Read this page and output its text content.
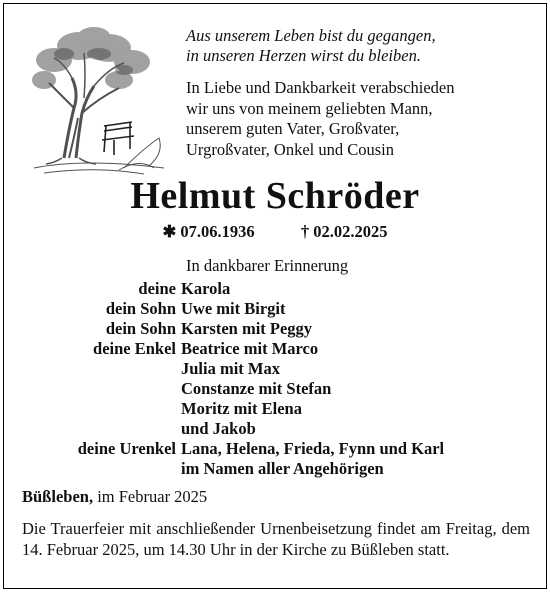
Aus unserem Leben bist du gegangen,
in unseren Herzen wirst du bleiben.
In Liebe und Dankbarkeit verabschieden
wir uns von meinem geliebten Mann,
unserem guten Vater, Großvater,
Urgroßvater, Onkel und Cousin
Helmut Schröder
✱ 07.06.1936	† 02.02.2025
In dankbarer Erinnerung
deine Karola
dein Sohn Uwe mit Birgit
dein Sohn Karsten mit Peggy
deine Enkel Beatrice mit Marco
Julia mit Max
Constanze mit Stefan
Moritz mit Elena
und Jakob
deine Urenkel Lana, Helena, Frieda, Fynn und Karl
im Namen aller Angehörigen
Büßleben, im Februar 2025
Die Trauerfeier mit anschließender Urnenbeisetzung findet am Freitag, dem 14. Februar 2025, um 14.30 Uhr in der Kirche zu Büßleben statt.
